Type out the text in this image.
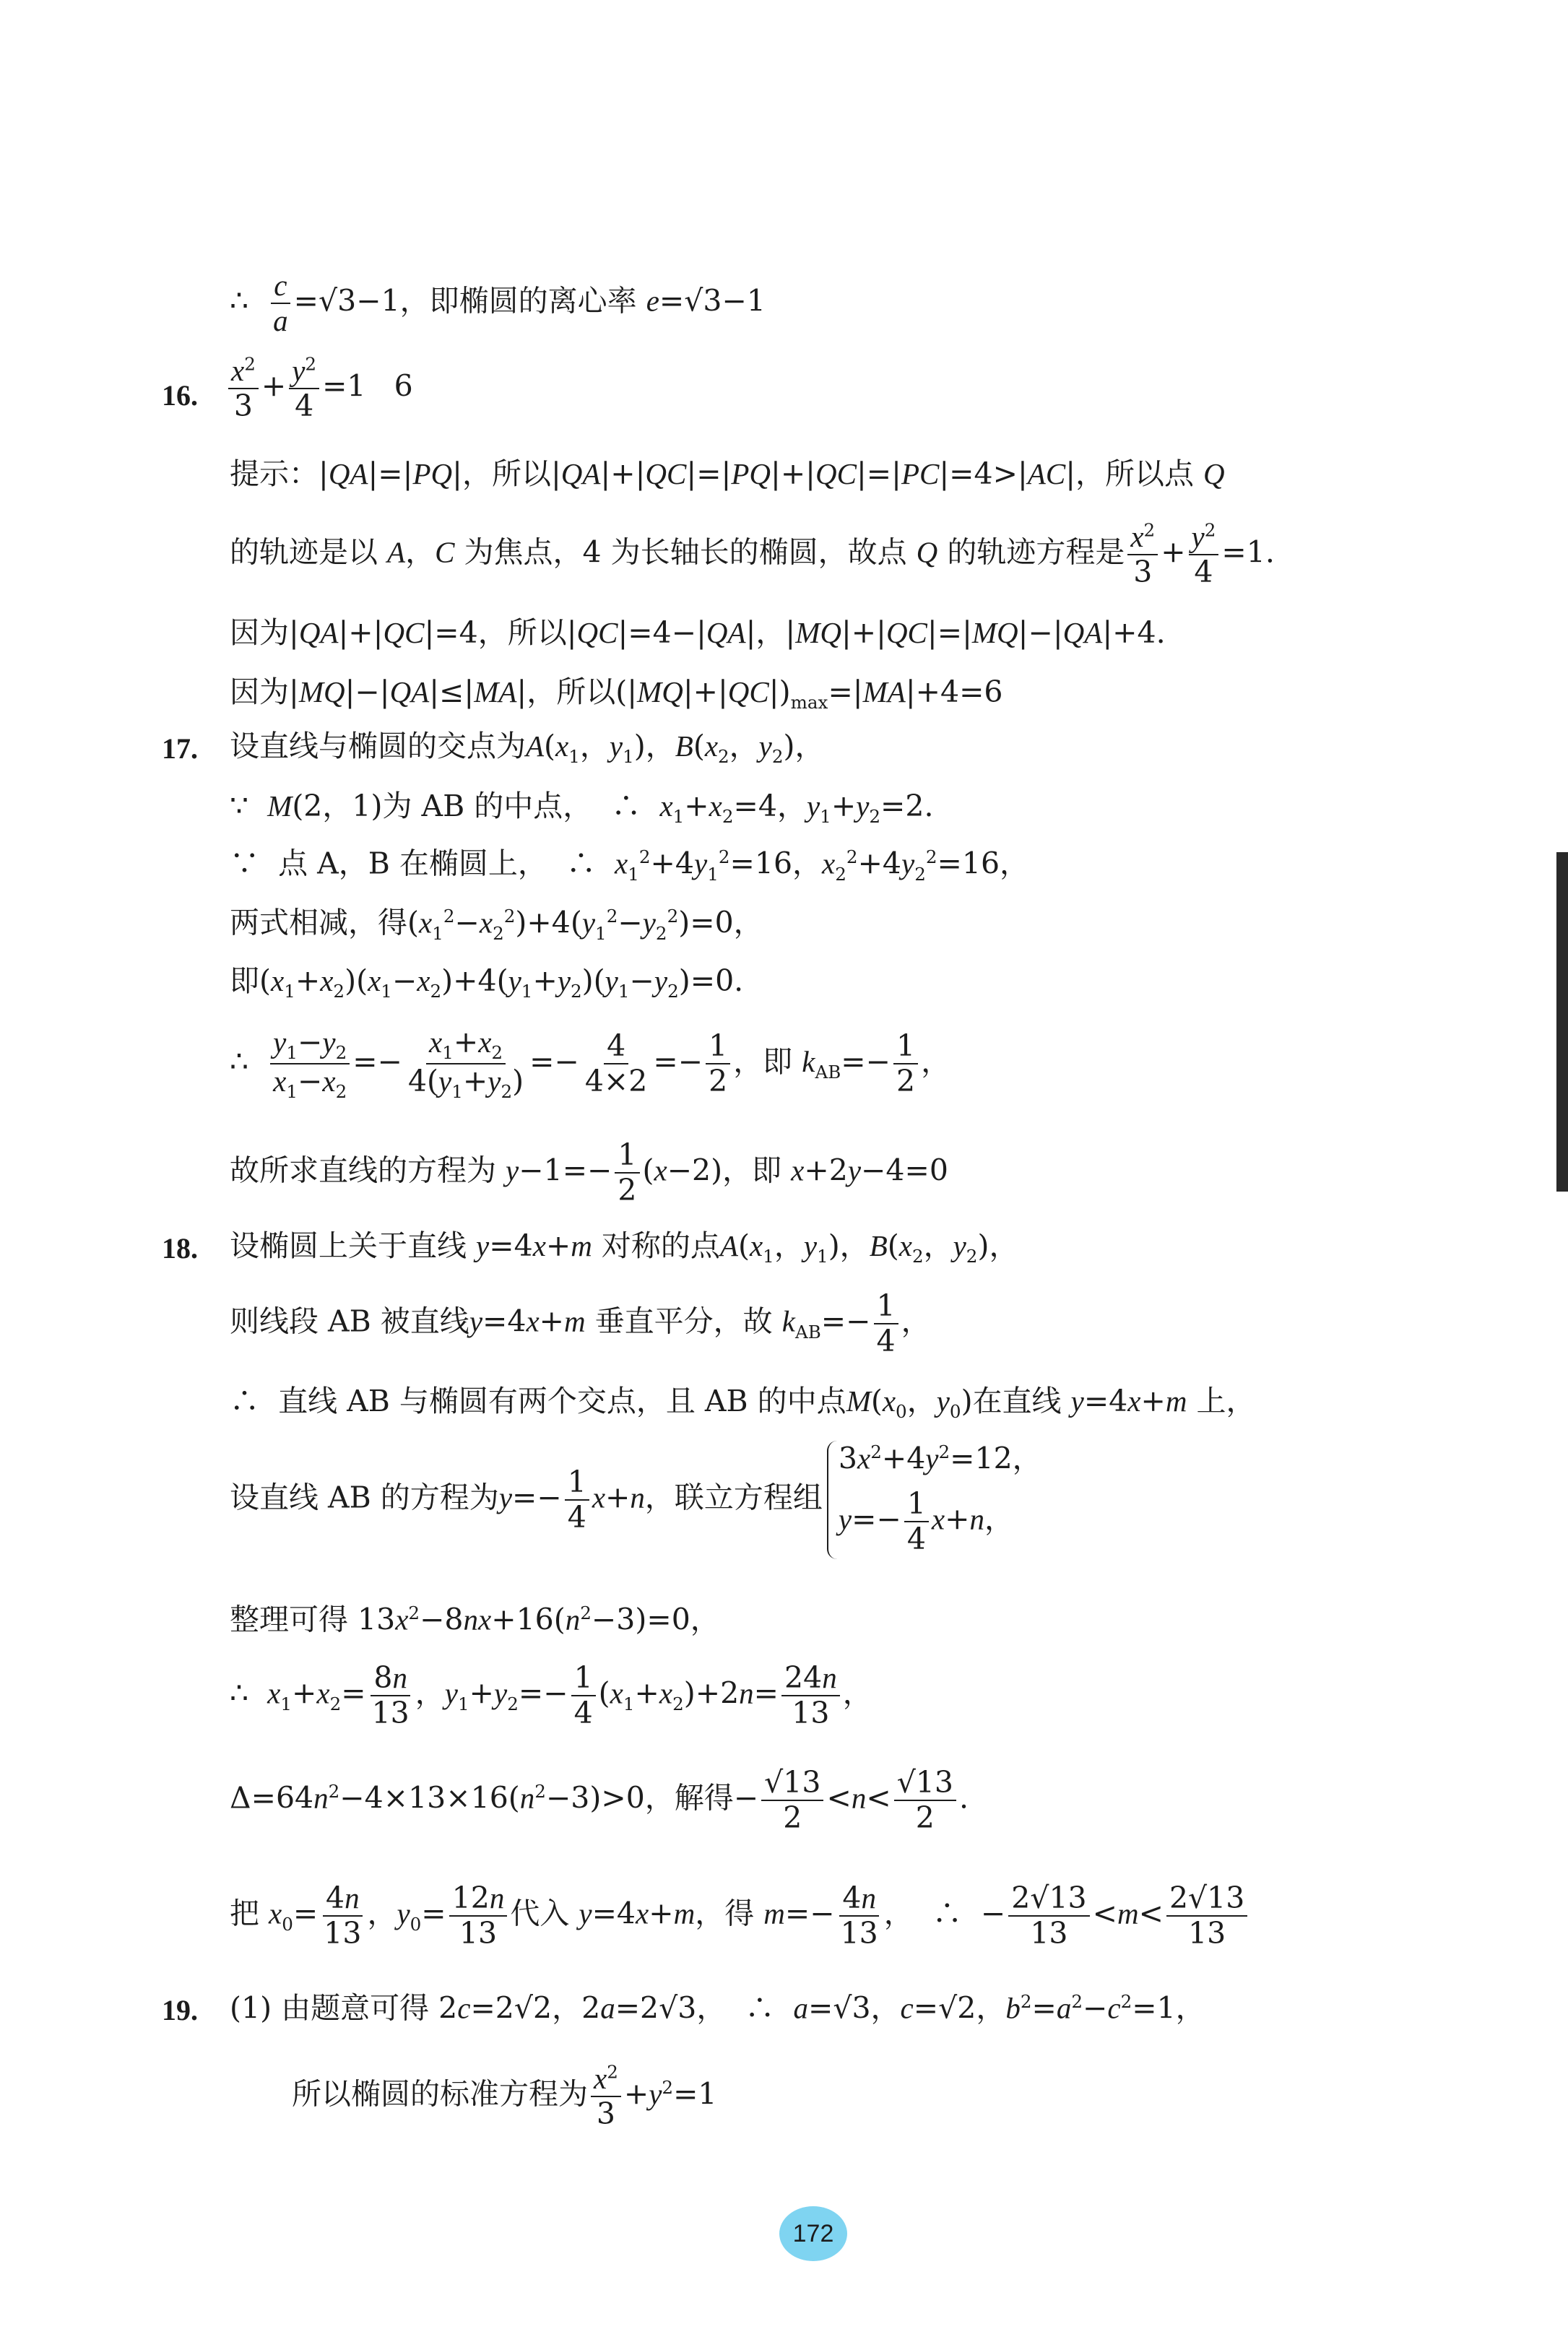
∴ $\frac{c}{a} =√3-1$，即椭圆的离心率 e=√3−1
16. $\frac{x^2}{3} + \frac{y^2}{4} =1$   6
提示：|QA|=|PQ|，所以|QA|+|QC|=|PQ|+|QC|=|PC|=4>|AC|，所以点 Q
的轨迹是以 A，C 为焦点，4 为长轴长的椭圆，故点 Q 的轨迹方程是 $\frac{x^2}{3} + \frac{y^2}{4} =1$.
因为|QA|+|QC|=4，所以|QC|=4−|QA|，|MQ|+|QC|=|MQ|−|QA|+4.
因为|MQ|−|QA|≤|MA|，所以$(|MQ|+|QC|)_{max}=|MA|+4=6$
17. 设直线与椭圆的交点为$A(x_1$，$y_1$)，$B(x_2$，$y_2$)，
∵  M(2，1)为 AB 的中点，  ∴  $x_1+x_2=4$，$y_1+y_2=2$.
∵  点 A，B 在椭圆上，  ∴  $x_1^2+4y_1^2=16$，$x_2^2+4y_2^2=16$，
两式相减，得$(x_1^2-x_2^2)+4(y_1^2-y_2^2)=0$，
即$(x_1+x_2)(x_1-x_2)+4(y_1+y_2)(y_1-y_2)=0$.
∴ $\frac{y_1-y_2}{x_1-x_2} =- \frac{x_1+x_2}{4(y_1+y_2)} =- \frac{4}{4\times 2} =- \frac{1}{2}$ ，即 $k_{AB}=- \frac{1}{2}$ ，
故所求直线的方程为 $y-1=- \frac{1}{2} (x-2)$，即 x+2y−4=0
18. 设椭圆上关于直线 y=4x+m 对称的点$A(x_1$，$y_1$)，$B(x_2$，$y_2$)，
则线段 AB 被直线y=4x+m 垂直平分，故 $k_{AB}=- \frac{1}{4}$ ，
∴  直线 AB 与椭圆有两个交点，且 AB 的中点$M(x_0$，$y_0$)在直线 y=4x+m 上，
设直线 AB 的方程为$y=- \frac{1}{4} x+n$，联立方程组
$3x^2+4y^2=12$，
$y=- \frac{1}{4} x+n$，
整理可得 $13x^2-8nx+16(n^2-3)=0$，
∴  $x_1+x_2= \frac{8n}{13}$ ，$y_1+y_2=- \frac{1}{4} (x_1+x_2)+2n= \frac{24n}{13}$ ，
$\Delta=64n^2-4\times 13\times 16(n^2-3)>0$，解得− $\frac{√13}{2} <n< \frac{√13}{2}$ .
把 $x_0= \frac{4n}{13}$ ，$y_0= \frac{12n}{13}$ 代入 y=4x+m，得 $m=- \frac{4n}{13}$ ，  ∴  − $\frac{2√13}{13} <m< \frac{2√13}{13}$
19. (1) 由题意可得 2c=2√2，2a=2√3，  ∴  a=√3，c=√2，$b^2=a^2-c^2=1$，
所以椭圆的标准方程为 $\frac{x^2}{3} +y^2=1$
172
